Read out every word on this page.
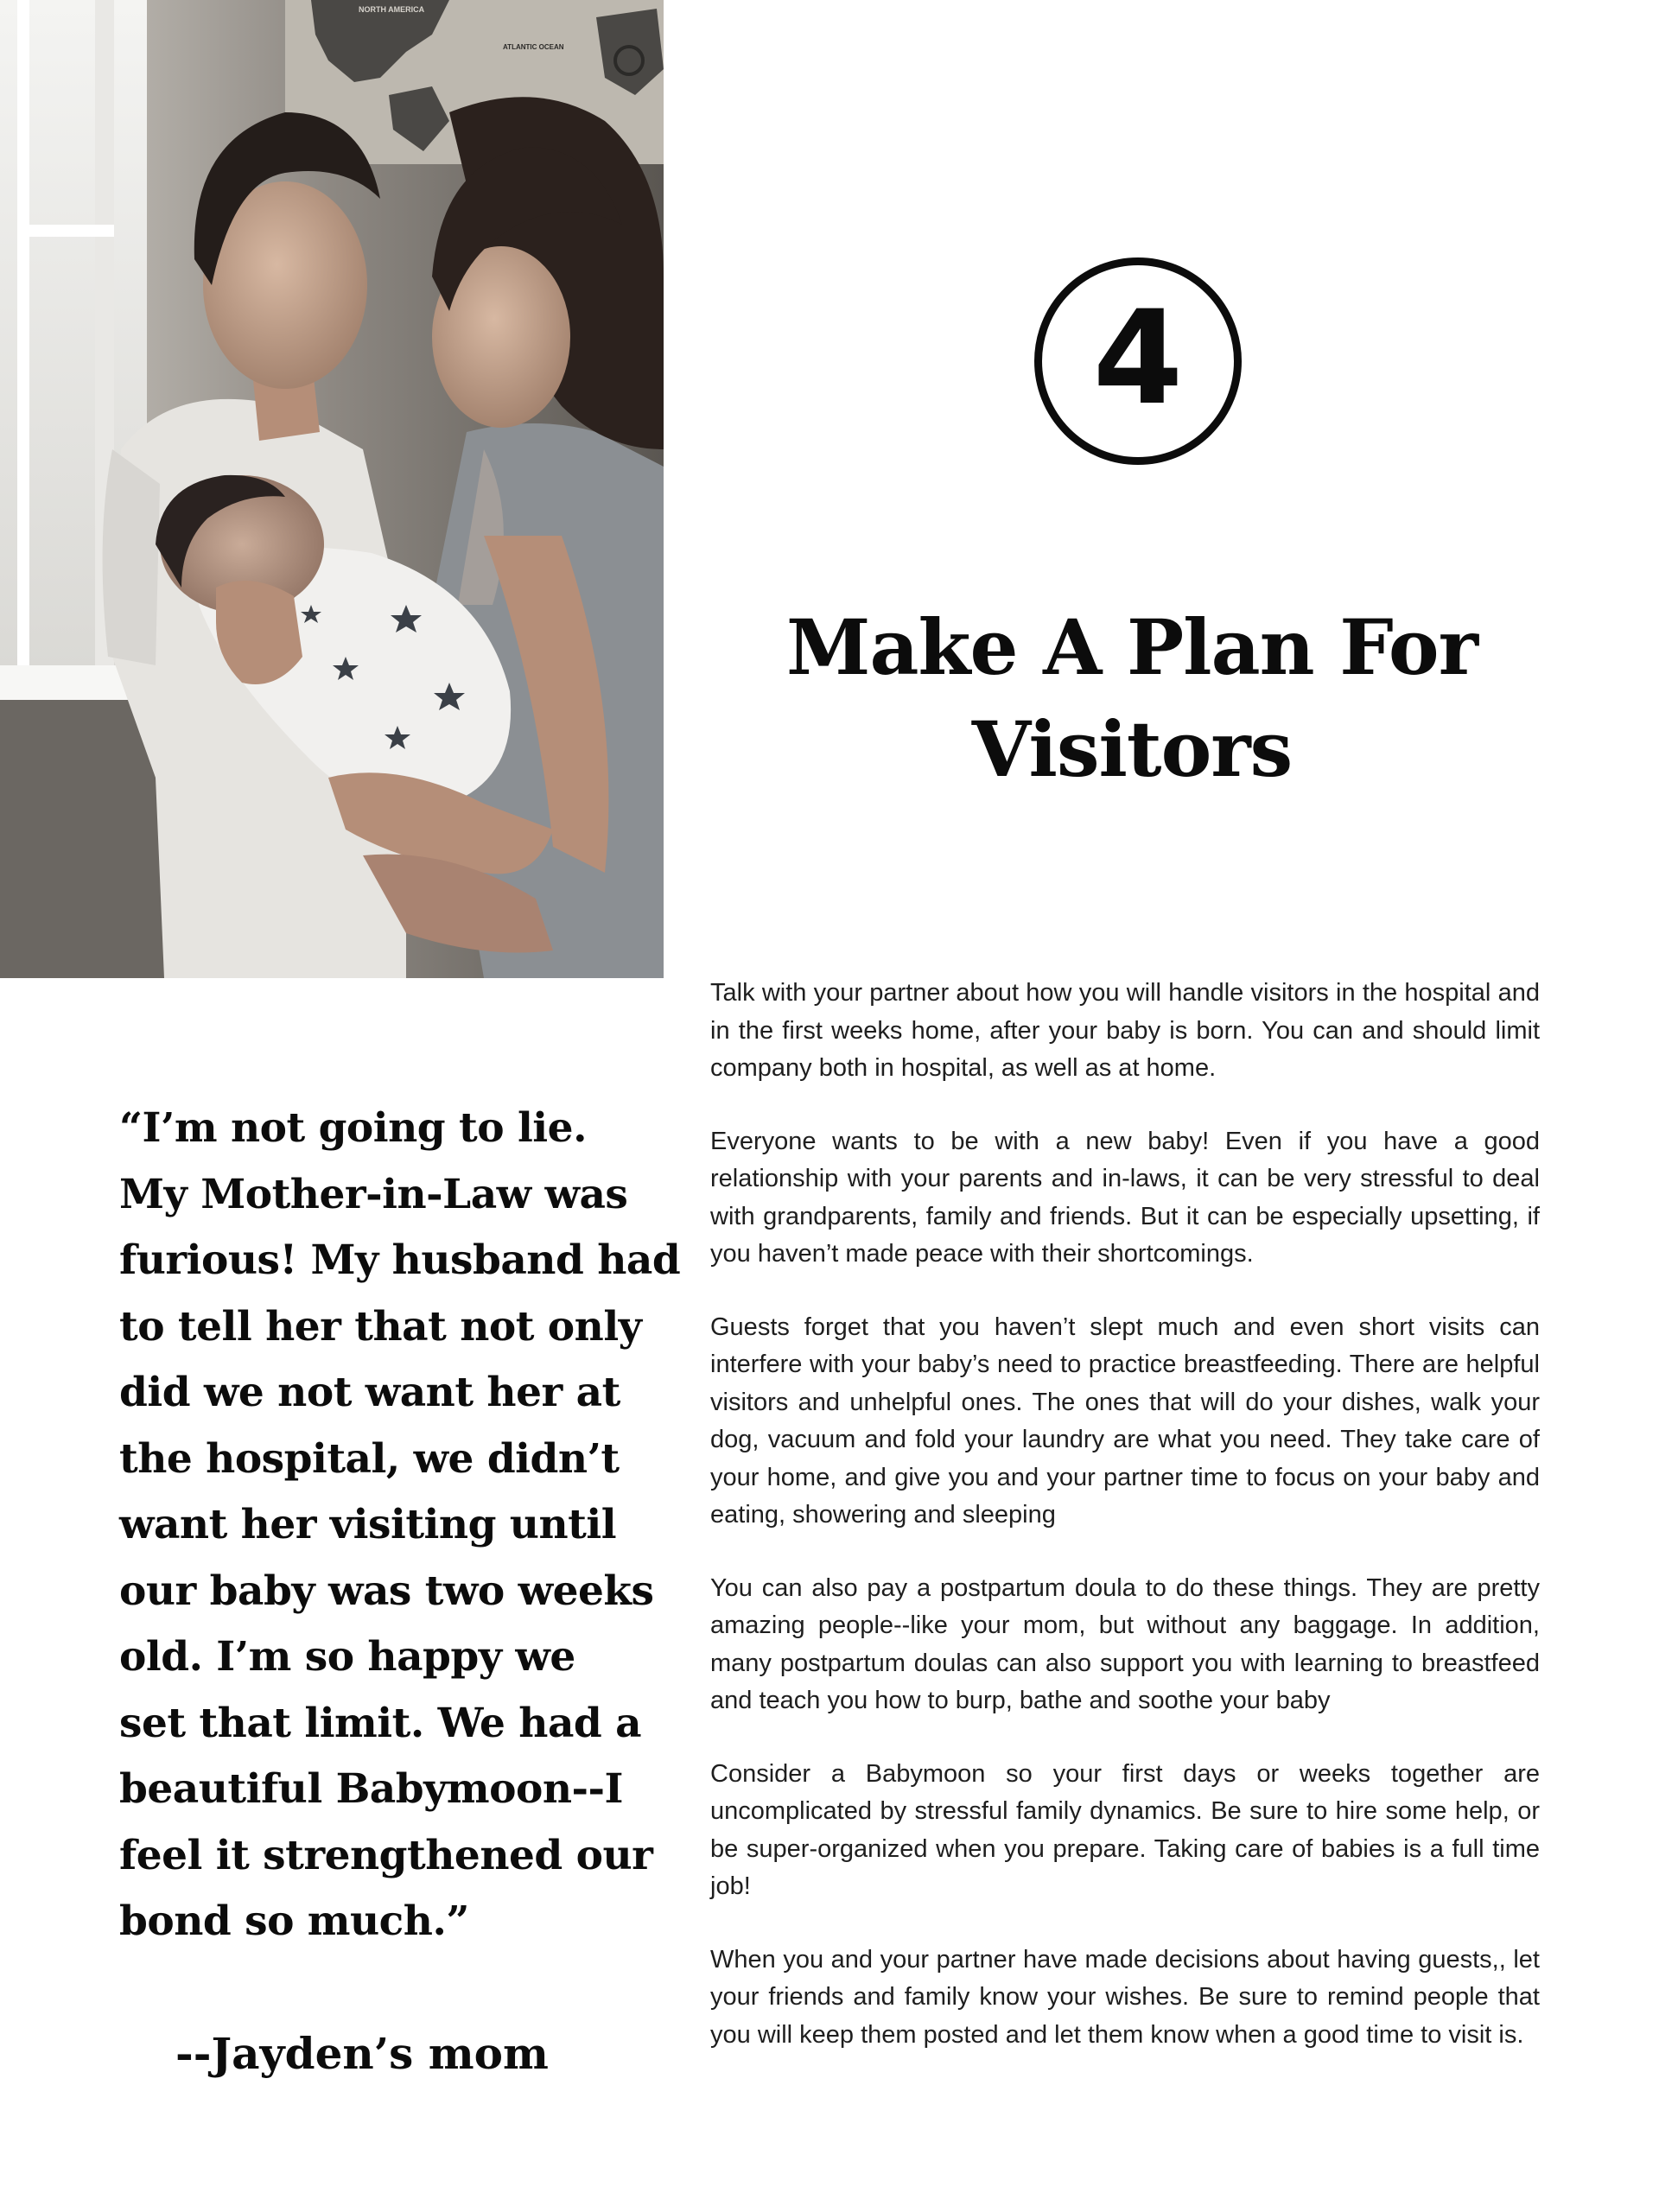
NORTH AMERICA
ATLANTIC OCEAN
4
Make A Plan For
Visitors

Talk with your partner about how you will handle visitors in the hospital and in the first weeks home, after your baby is born. You can and should limit company both in hospital, as well as at home.

Everyone wants to be with a new baby! Even if you have a good relationship with your parents and in-laws, it can be very stressful to deal with grandparents, family and friends. But it can be especially upsetting, if you haven’t made peace with their shortcomings.

Guests forget that you haven’t slept much and even short visits can interfere with your baby’s need to practice breastfeeding. There are helpful visitors and unhelpful ones. The ones that will do your dishes, walk your dog, vacuum and fold your laundry are what you need. They take care of your home, and give you and your partner time to focus on your baby and eating, showering and sleeping

You can also pay a postpartum doula to do these things. They are pretty amazing people--like your mom, but without any baggage. In addition, many postpartum doulas can also support you with learning to breastfeed and teach you how to burp, bathe and soothe your baby

Consider a Babymoon so your first days or weeks together are uncomplicated by stressful family dynamics. Be sure to hire some help, or be super-organized when you prepare. Taking care of babies is a full time job!

When you and your partner have made decisions about having guests,, let your friends and family know your wishes. Be sure to remind people that you will keep them posted and let them know when a good time to visit is.

“I’m not going to lie.
My Mother-in-Law was
furious! My husband had
to tell her that not only
did we not want her at
the hospital, we didn’t
want her visiting until
our baby was two weeks
old. I’m so happy we
set that limit. We had a
beautiful Babymoon--I
feel it strengthened our
bond so much.”

--Jayden’s mom
